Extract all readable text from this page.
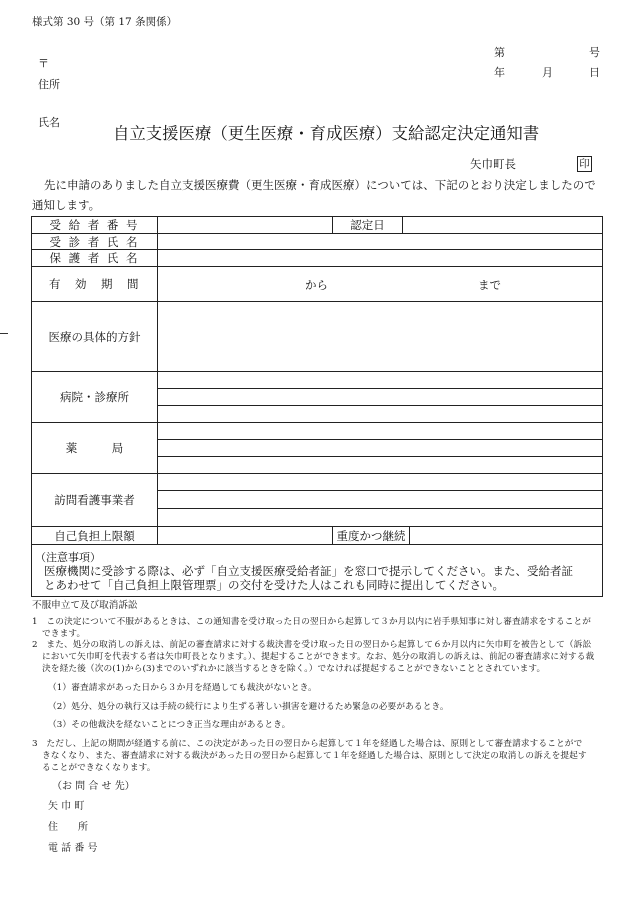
様式第 30 号（第 17 条関係）
〒
住所
氏名
第	号
年	月	日
自立支援医療（更生医療・育成医療）支給認定決定通知書
矢巾町長	印
先に申請のありました自立支援医療費（更生医療・育成医療）については、下記のとおり決定しましたので
通知します。
受 給 者 番 号	認定日
受 診 者 氏 名
保 護 者 氏 名
有　効　期　間	から	まで
医療の具体的方針
病院・診療所
薬　　　局
訪問看護事業者
自己負担上限額	重度かつ継続
（注意事項）
医療機関に受診する際は、必ず「自立支援医療受給者証」を窓口で提示してください。また、受給者証
とあわせて「自己負担上限管理票」の交付を受けた人はこれも同時に提出してください。
不服申立て及び取消訴訟
1　この決定について不服があるときは、この通知書を受け取った日の翌日から起算して３か月以内に岩手県知事に対し審査請求をすることが
できます。
2　また、処分の取消しの訴えは、前記の審査請求に対する裁決書を受け取った日の翌日から起算して６か月以内に矢巾町を被告として（訴訟
において矢巾町を代表する者は矢巾町長となります。）、提起することができます。なお、処分の取消しの訴えは、前記の審査請求に対する裁
決を経た後（次の(1)から(3)までのいずれかに該当するときを除く。）でなければ提起することができないこととされています。
（1）審査請求があった日から３か月を経過しても裁決がないとき。
（2）処分、処分の執行又は手続の続行により生ずる著しい損害を避けるため緊急の必要があるとき。
（3）その他裁決を経ないことにつき正当な理由があるとき。
3　ただし、上記の期間が経過する前に、この決定があった日の翌日から起算して１年を経過した場合は、原則として審査請求することがで
きなくなり、また、審査請求に対する裁決があった日の翌日から起算して１年を経過した場合は、原則として決定の取消しの訴えを提起す
ることができなくなります。
（お 問 合 せ 先）
矢 巾 町
住　　所
電 話 番 号
